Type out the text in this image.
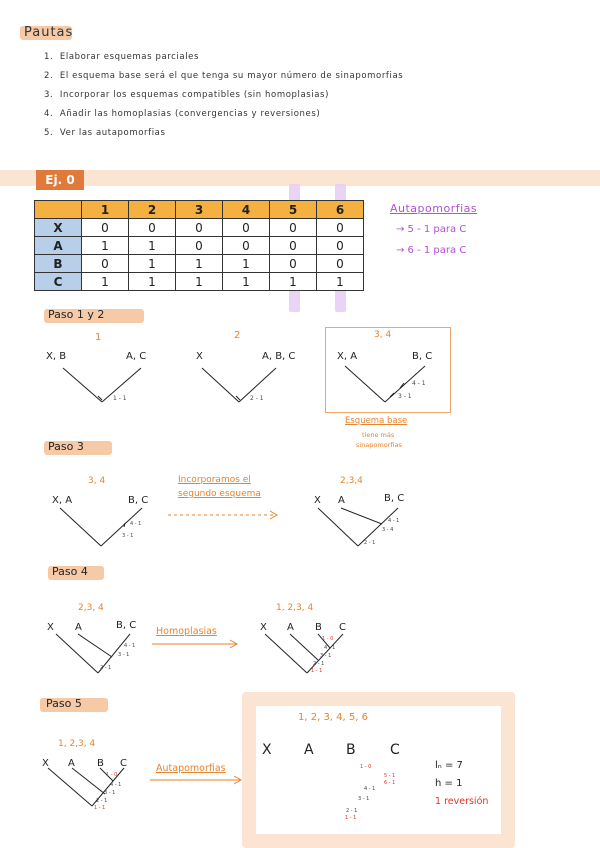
Pautas
1. Elaborar esquemas parciales
2. El esquema base será el que tenga su mayor número de sinapomorfias
3. Incorporar los esquemas compatibles (sin homoplasias)
4. Añadir las homoplasias (convergencias y reversiones)
5. Ver las autapomorfias
Ej. 0
	1	2	3	4	5	6
X	0	0	0	0	0	0
A	1	1	0	0	0	0
B	0	1	1	1	0	0
C	1	1	1	1	1	1
Autapomorfias
→ 5 - 1 para C
→ 6 - 1 para C
Paso 1 y 2
1
X, B	A, C
1 - 1
2
X	A, B, C
2 - 1
3, 4
X, A	B, C
4 - 1
3 - 1
Esquema base
tiene más
sinapomorfias
Paso 3
3, 4
X, A	B, C
4 - 1
3 - 1
Incorporamos el
segundo esquema
2,3,4
X A	B, C
4 - 1
3 - 4
2 - 1
Paso 4
2,3, 4
X A	B, C
4 - 1
3 - 1
2 - 1
Homoplasias
1, 2,3, 4
X A B C
1 - 0
4 - 1
3 - 1
2 - 1
1 - 1
Paso 5
1, 2,3, 4
X A B C
1 - 0
4 - 1
3 - 1
2 - 1
1 - 1
Autapomorfias
1, 2, 3, 4, 5, 6
X A B C
1 - 0
5 - 1
6 - 1
4 - 1
3 - 1
2 - 1
1 - 1
lₙ = 7
h = 1
1 reversión
